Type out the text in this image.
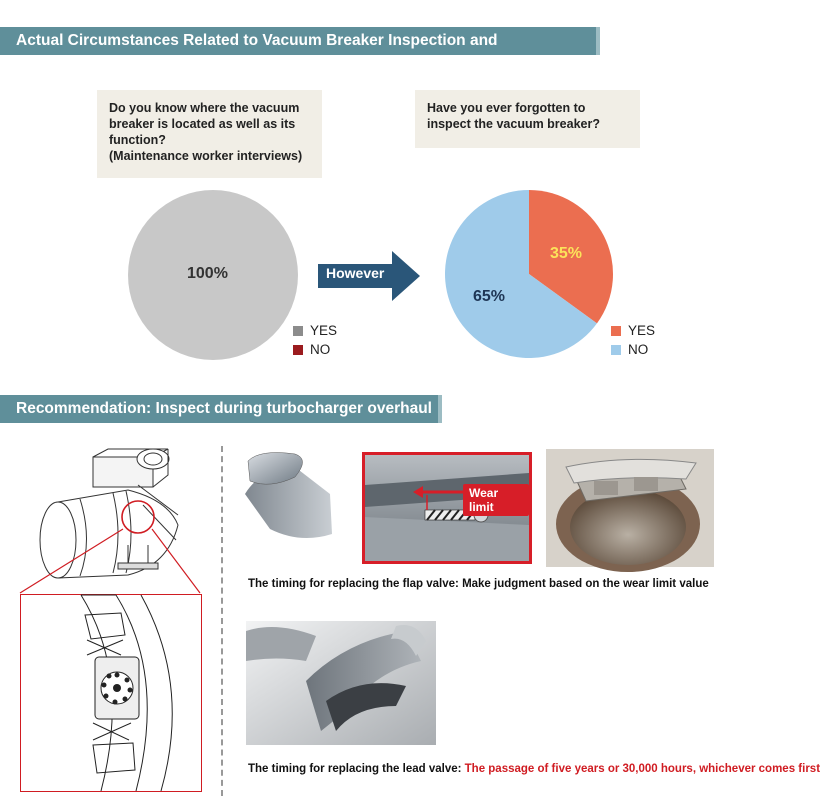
Actual Circumstances Related to Vacuum Breaker Inspection and Replacement
Do you know where the vacuum
breaker is located as well as its
function?
(Maintenance worker interviews)
Have you ever forgotten to
inspect the vacuum breaker?
100%
YES
NO
However
35%
65%
YES
NO
Recommendation: Inspect during turbocharger overhaul
Wear limit
The timing for replacing the flap valve: Make judgment based on the wear limit value
The timing for replacing the lead valve: The passage of five years or 30,000 hours, whichever comes first
